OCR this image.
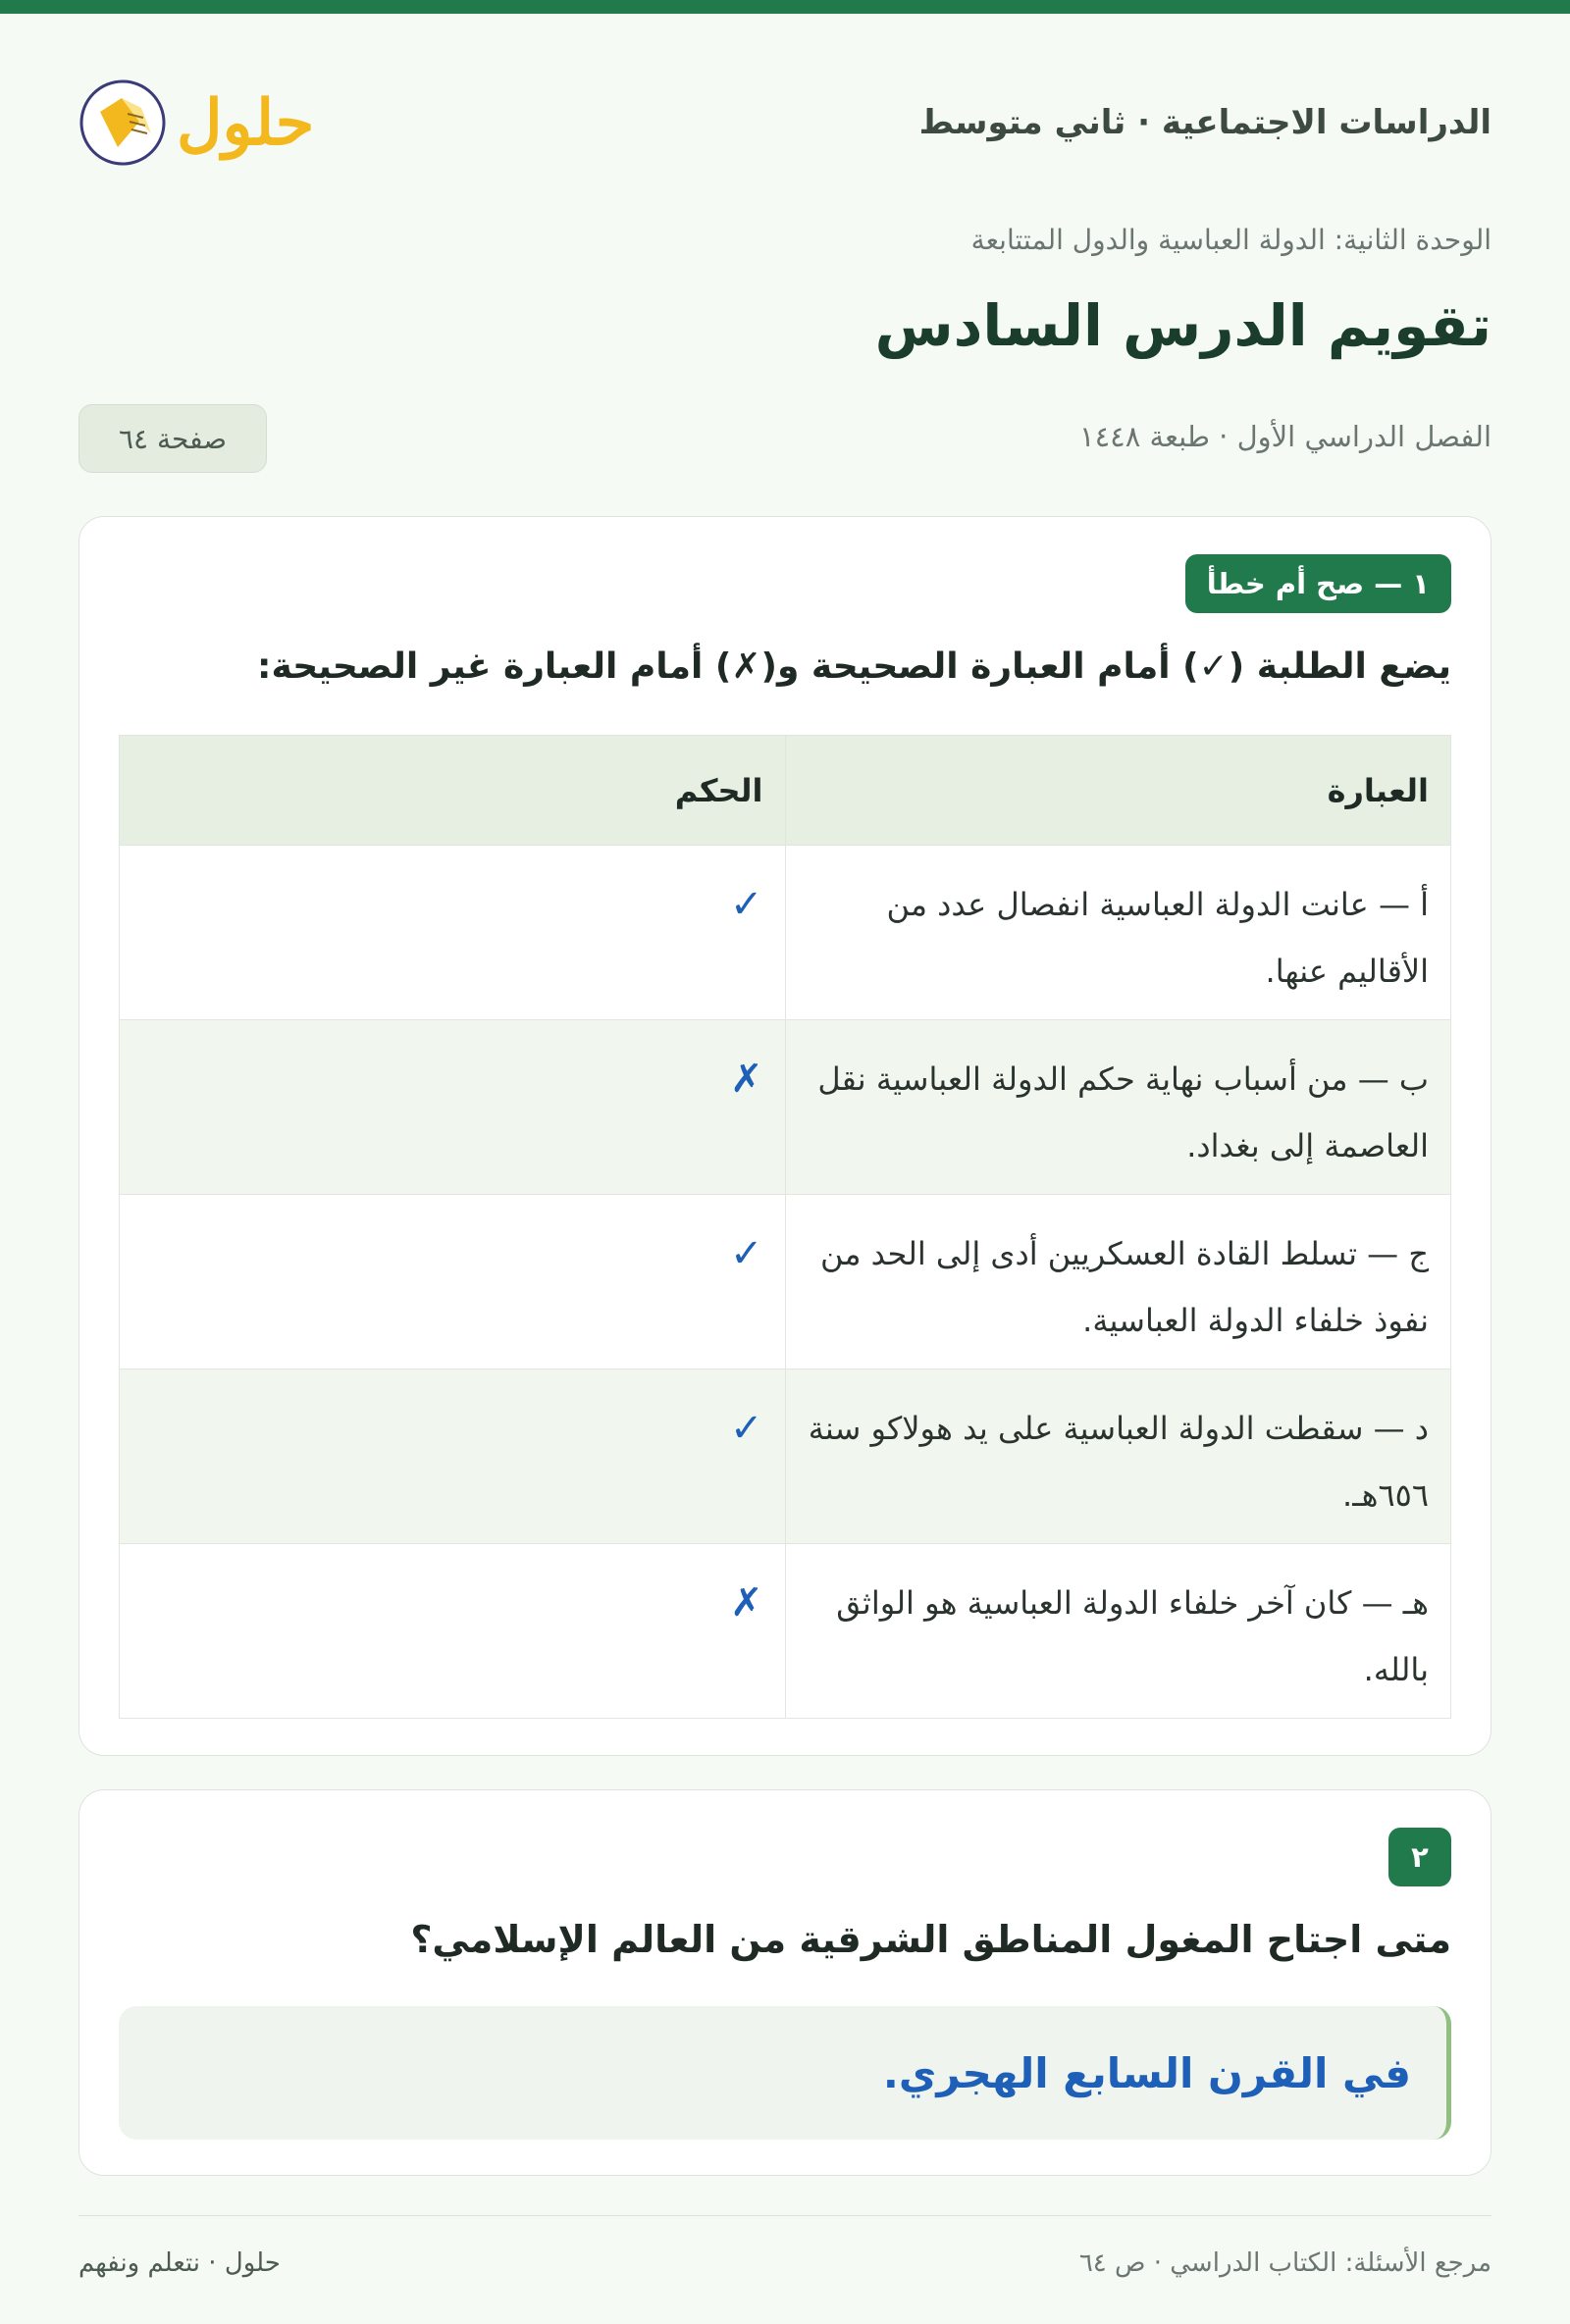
الدراسات الاجتماعية · ثاني متوسط
حلول
الوحدة الثانية: الدولة العباسية والدول المتتابعة
تقويم الدرس السادس
الفصل الدراسي الأول · طبعة ١٤٤٨
صفحة ٦٤
١ — صح أم خطأ
يضع الطلبة (✓) أمام العبارة الصحيحة و(✗) أمام العبارة غير الصحيحة:
العبارة	الحكم
أ — عانت الدولة العباسية انفصال عدد من الأقاليم عنها.	✓
ب — من أسباب نهاية حكم الدولة العباسية نقل العاصمة إلى بغداد.	✗
ج — تسلط القادة العسكريين أدى إلى الحد من نفوذ خلفاء الدولة العباسية.	✓
د — سقطت الدولة العباسية على يد هولاكو سنة ٦٥٦هـ.	✓
هـ — كان آخر خلفاء الدولة العباسية هو الواثق بالله.	✗
٢
متى اجتاح المغول المناطق الشرقية من العالم الإسلامي؟
في القرن السابع الهجري.
مرجع الأسئلة: الكتاب الدراسي · ص ٦٤
حلول · نتعلم ونفهم
